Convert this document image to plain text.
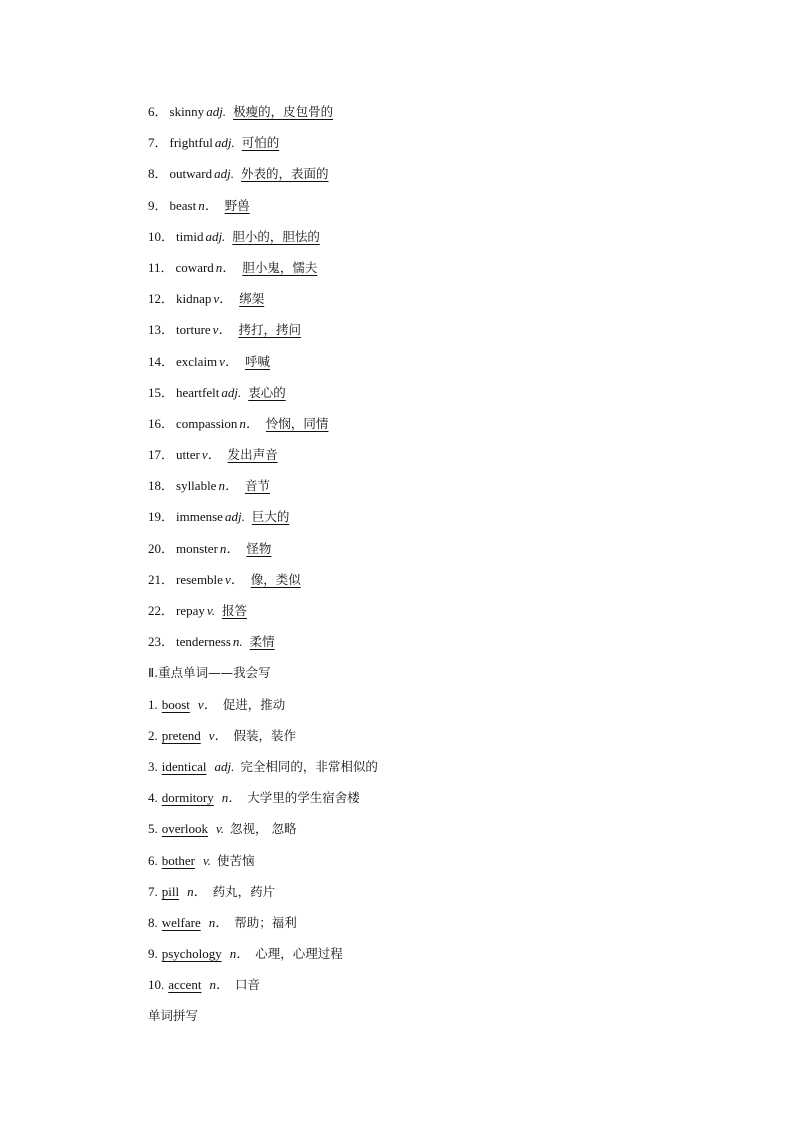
6． skinny adj. 极瘦的，皮包骨的
7． frightful adj. 可怕的
8． outward adj. 外表的，表面的
9． beast n． 野兽
10． timid adj. 胆小的，胆怯的
11． coward n． 胆小鬼，懦夫
12． kidnap v． 绑架
13． torture v． 拷打，拷问
14． exclaim v． 呼喊
15． heartfelt adj. 衷心的
16． compassion n． 怜悯，同情
17． utter v． 发出声音
18． syllable n． 音节
19． immense adj. 巨大的
20． monster n． 怪物
21． resemble v． 像，类似
22． repay v. 报答
23． tenderness n. 柔情
Ⅱ.重点单词——我会写
1. boost v． 促进，推动
2. pretend v． 假装，装作
3. identical adj. 完全相同的，非常相似的
4. dormitory n． 大学里的学生宿舍楼
5. overlook v. 忽视， 忽略
6. bother v. 使苦恼
7. pill n． 药丸，药片
8. welfare n． 帮助；福利
9. psychology n． 心理，心理过程
10. accent n． 口音
单词拼写
